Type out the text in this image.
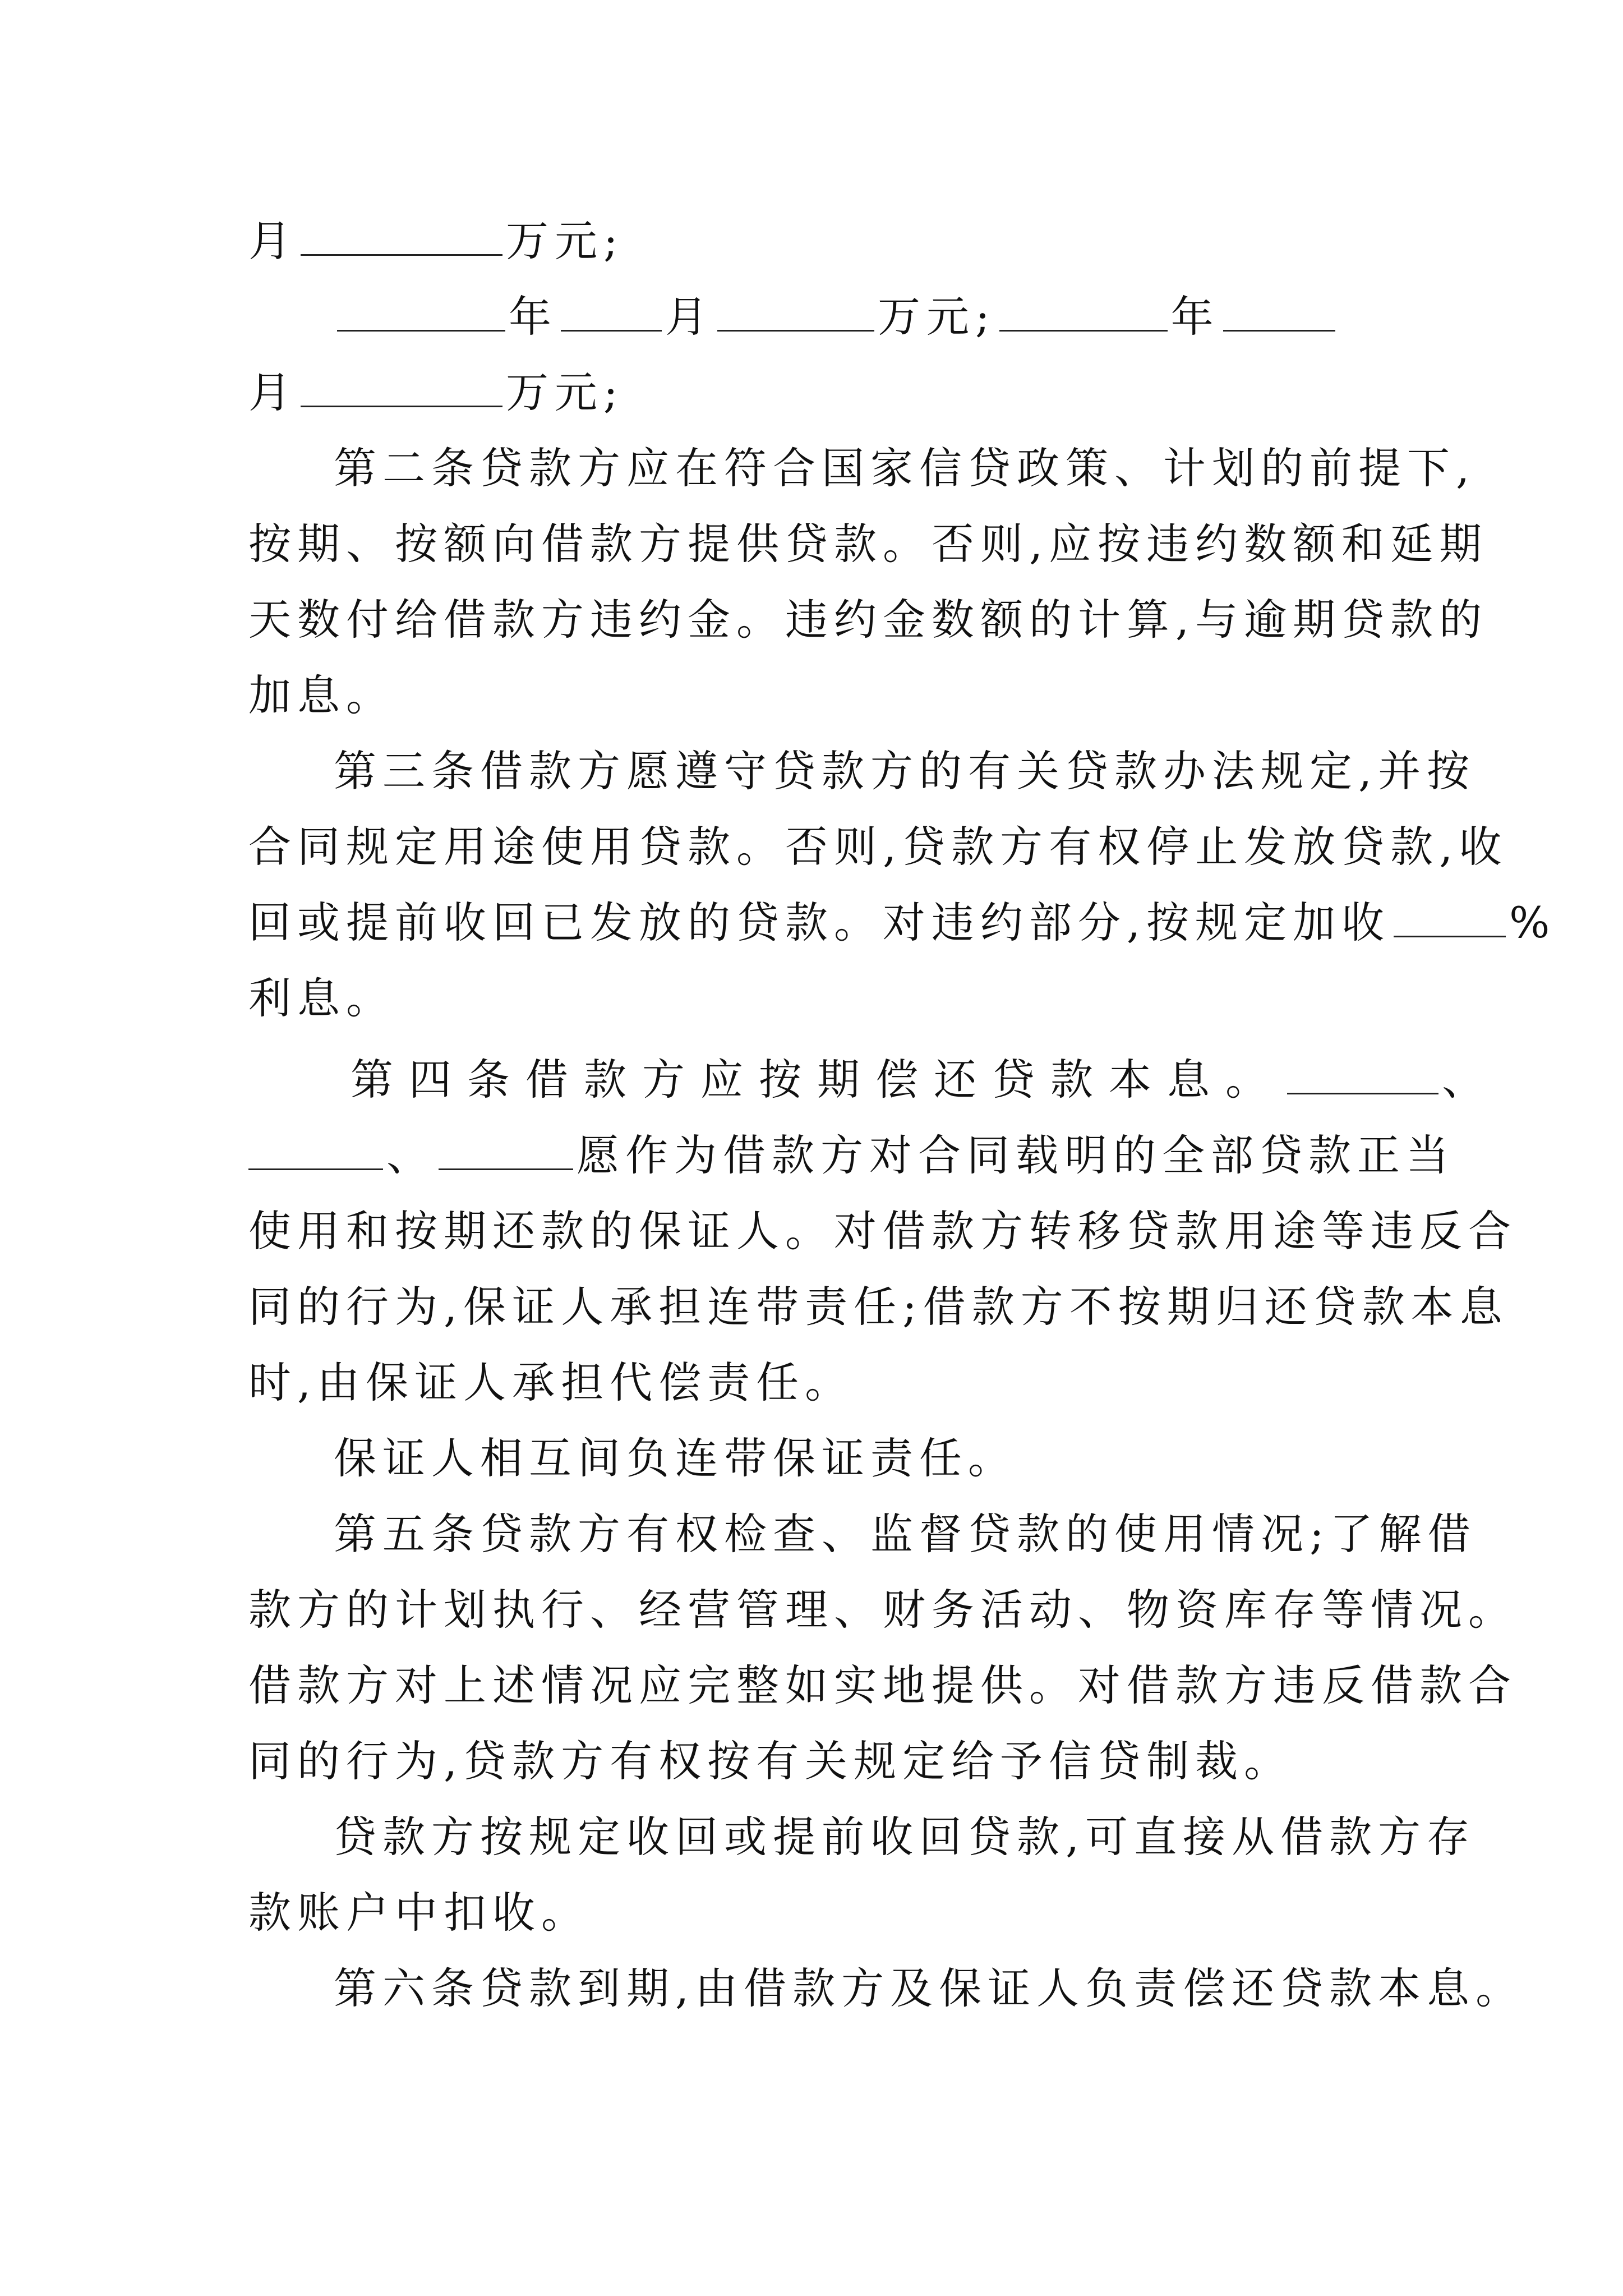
月	万元;
年	月	万元;	年
月	万元;
第二条贷款方应在符合国家信贷政策、计划的前提下,
按期、按额向借款方提供贷款。否则,应按违约数额和延期
天数付给借款方违约金。违约金数额的计算,与逾期贷款的
加息。
第三条借款方愿遵守贷款方的有关贷款办法规定,并按
合同规定用途使用贷款。否则,贷款方有权停止发放贷款,收
回或提前收回已发放的贷款。对违约部分,按规定加收	%
利息。
第四条借款方应按期偿还贷款本息。	、
、	愿作为借款方对合同载明的全部贷款正当
使用和按期还款的保证人。对借款方转移贷款用途等违反合
同的行为,保证人承担连带责任;借款方不按期归还贷款本息
时,由保证人承担代偿责任。
保证人相互间负连带保证责任。
第五条贷款方有权检查、监督贷款的使用情况;了解借
款方的计划执行、经营管理、财务活动、物资库存等情况。
借款方对上述情况应完整如实地提供。对借款方违反借款合
同的行为,贷款方有权按有关规定给予信贷制裁。
贷款方按规定收回或提前收回贷款,可直接从借款方存
款账户中扣收。
第六条贷款到期,由借款方及保证人负责偿还贷款本息。
